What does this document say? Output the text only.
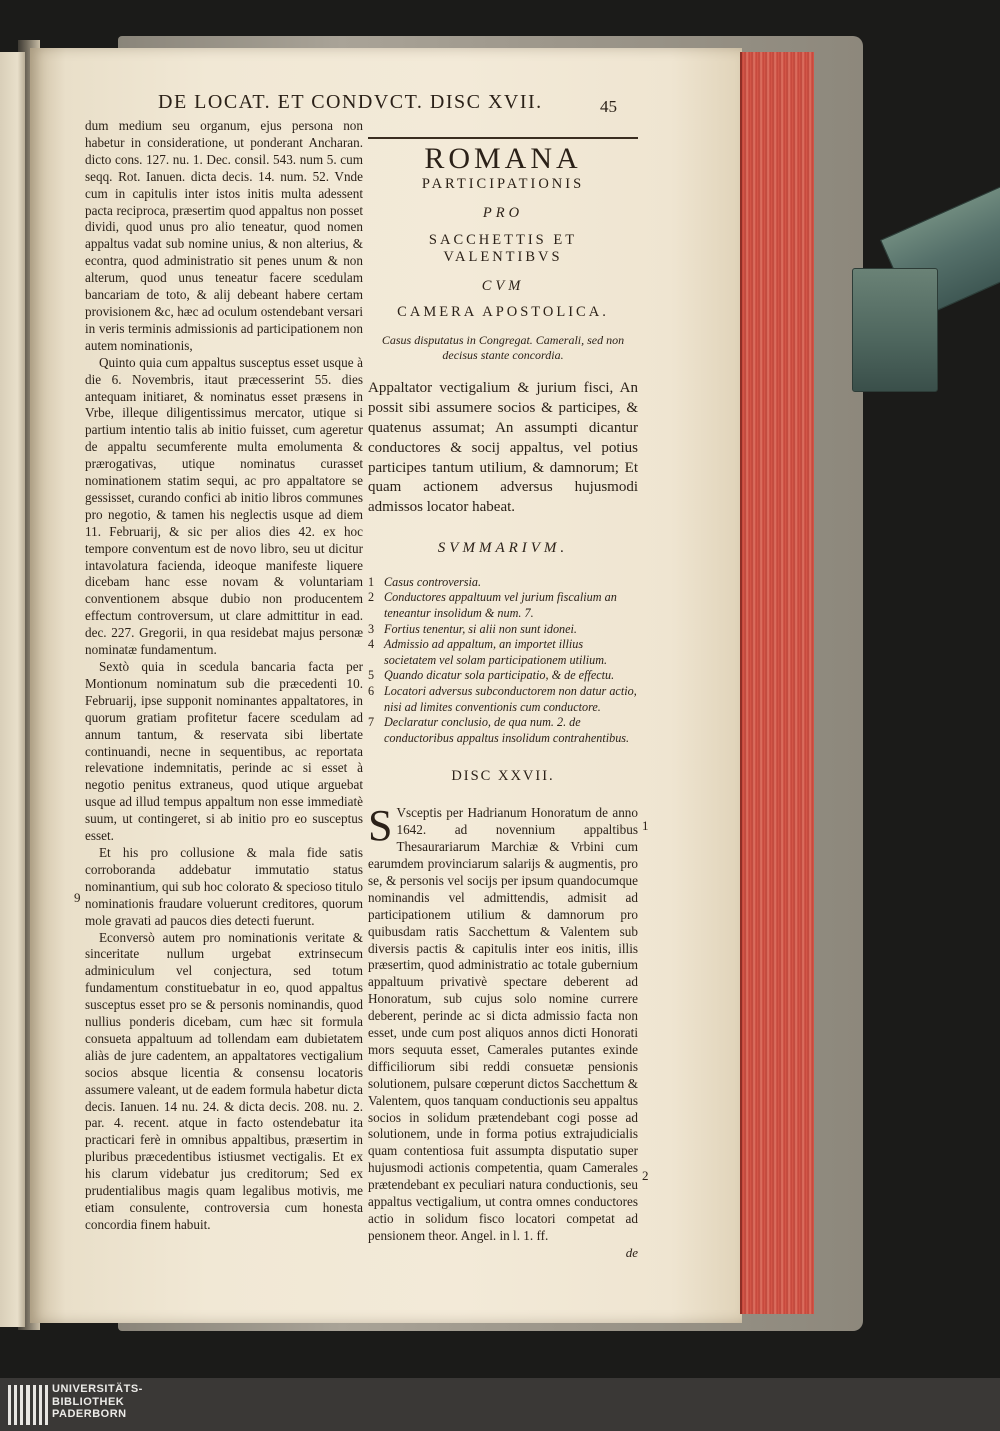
DE LOCAT. ET CONDVCT. DISC XVII.	45

dum medium seu organum, ejus persona non habetur in consideratione, ut ponderant Ancharan. dicto cons. 127. nu. 1. Dec. consil. 543. num 5. cum seqq. Rot. Ianuen. dicta decis. 14. num. 52. Vnde cum in capitulis inter istos initis multa adessent pacta reciproca, præsertim quod appaltus non posset dividi, quod unus pro alio teneatur, quod nomen appaltus vadat sub nomine unius, & non alterius, & econtra, quod administratio sit penes unum & non alterum, quod unus teneatur facere scedulam bancariam de toto, & alij debeant habere certam provisionem &c, hæc ad oculum ostendebant versari in veris terminis admissionis ad participationem non autem nominationis,

Quinto quia cum appaltus susceptus esset usque à die 6. Novembris, itaut præcesserint 55. dies antequam initiaret, & nominatus esset præsens in Vrbe, illeque diligentissimus mercator, utique si partium intentio talis ab initio fuisset, cum ageretur de appaltu secumferente multa emolumenta & prærogativas, utique nominatus curasset nominationem statim sequi, ac pro appaltatore se gessisset, curando confici ab initio libros communes pro negotio, & tamen his neglectis usque ad diem 11. Februarij, & sic per alios dies 42. ex hoc tempore conventum est de novo libro, seu ut dicitur intavolatura facienda, ideoque manifeste liquere dicebam hanc esse novam & voluntariam conventionem absque dubio non producentem effectum controversum, ut clare admittitur in ead. dec. 227. Gregorii, in qua residebat majus personæ nominatæ fundamentum.

Sextò quia in scedula bancaria facta per Montionum nominatum sub die præcedenti 10. Februarij, ipse supponit nominantes appaltatores, in quorum gratiam profitetur facere scedulam ad annum tantum, & reservata sibi libertate continuandi, necne in sequentibus, ac reportata relevatione indemnitatis, perinde ac si esset à negotio penitus extraneus, quod utique arguebat usque ad illud tempus appaltum non esse immediatè suum, ut contingeret, si ab initio pro eo susceptus esset.

Et his pro collusione & mala fide satis corroboranda addebatur immutatio status nominantium, qui sub hoc colorato & specioso titulo nominationis fraudare voluerunt creditores, quorum mole gravati ad paucos dies detecti fuerunt.

Econversò autem pro nominationis veritate & sinceritate nullum urgebat extrinsecum adminiculum vel conjectura, sed totum fundamentum constituebatur in eo, quod appaltus susceptus esset pro se & personis nominandis, quod nullius ponderis dicebam, cum hæc sit formula consueta appaltuum ad tollendam eam dubietatem aliàs de jure cadentem, an appaltatores vectigalium socios absque licentia & consensu locatoris assumere valeant, ut de eadem formula habetur dicta decis. Ianuen. 14 nu. 24. & dicta decis. 208. nu. 2. par. 4. recent. atque in facto ostendebatur ita practicari ferè in omnibus appaltibus, præsertim in pluribus præcedentibus istiusmet vectigalis. Et ex his clarum videbatur jus creditorum; Sed ex prudentialibus magis quam legalibus motivis, me etiam consulente, controversia cum honesta concordia finem habuit.

9
ROMANA
PARTICIPATIONIS
PRO
SACCHETTIS ET VALENTIBVS
CVM
CAMERA APOSTOLICA.
Casus disputatus in Congregat. Camerali, sed non decisus stante concordia.
Appaltator vectigalium & jurium fisci, An possit sibi assumere socios & participes, & quatenus assumat; An assumpti dicantur conductores & socij appaltus, vel potius participes tantum utilium, & damnorum; Et quam actionem adversus hujusmodi admissos locator habeat.
SVMMARIVM.
1 Casus controversia.
2 Conductores appaltuum vel jurium fiscalium an teneantur insolidum & num. 7.
3 Fortius tenentur, si alii non sunt idonei.
4 Admissio ad appaltum, an importet illius societatem vel solam participationem utilium.
5 Quando dicatur sola participatio, & de effectu.
6 Locatori adversus subconductorem non datur actio, nisi ad limites conventionis cum conductore.
7 Declaratur conclusio, de qua num. 2. de conductoribus appaltus insolidum contrahentibus.
DISC XXVII.

S Vsceptis per Hadrianum Honoratum de anno 1642. ad novennium appaltibus Thesaurariarum Marchiæ & Vrbini cum earumdem provinciarum salarijs & augmentis, pro se, & personis vel socijs per ipsum quandocumque nominandis vel admittendis, admisit ad participationem utilium & damnorum pro quibusdam ratis Sacchettum & Valentem sub diversis pactis & capitulis inter eos initis, illis præsertim, quod administratio ac totale gubernium appaltuum privativè spectare deberent ad Honoratum, sub cujus solo nomine currere deberent, perinde ac si dicta admissio facta non esset, unde cum post aliquos annos dicti Honorati mors sequuta esset, Camerales putantes exinde difficiliorum sibi reddi consuetæ pensionis solutionem, pulsare cœperunt dictos Sacchettum & Valentem, quos tanquam conductionis seu appaltus socios in solidum prætendebant cogi posse ad solutionem, unde in forma potius extrajudicialis quam contentiosa fuit assumpta disputatio super hujusmodi actionis competentia, quam Camerales prætendebant ex peculiari natura conductionis, seu appaltus vectigalium, ut contra omnes conductores actio in solidum fisco locatori competat ad pensionem theor. Angel. in l. 1. ff.

de
1
2
UNIVERSITÄTS-
BIBLIOTHEK
PADERBORN
